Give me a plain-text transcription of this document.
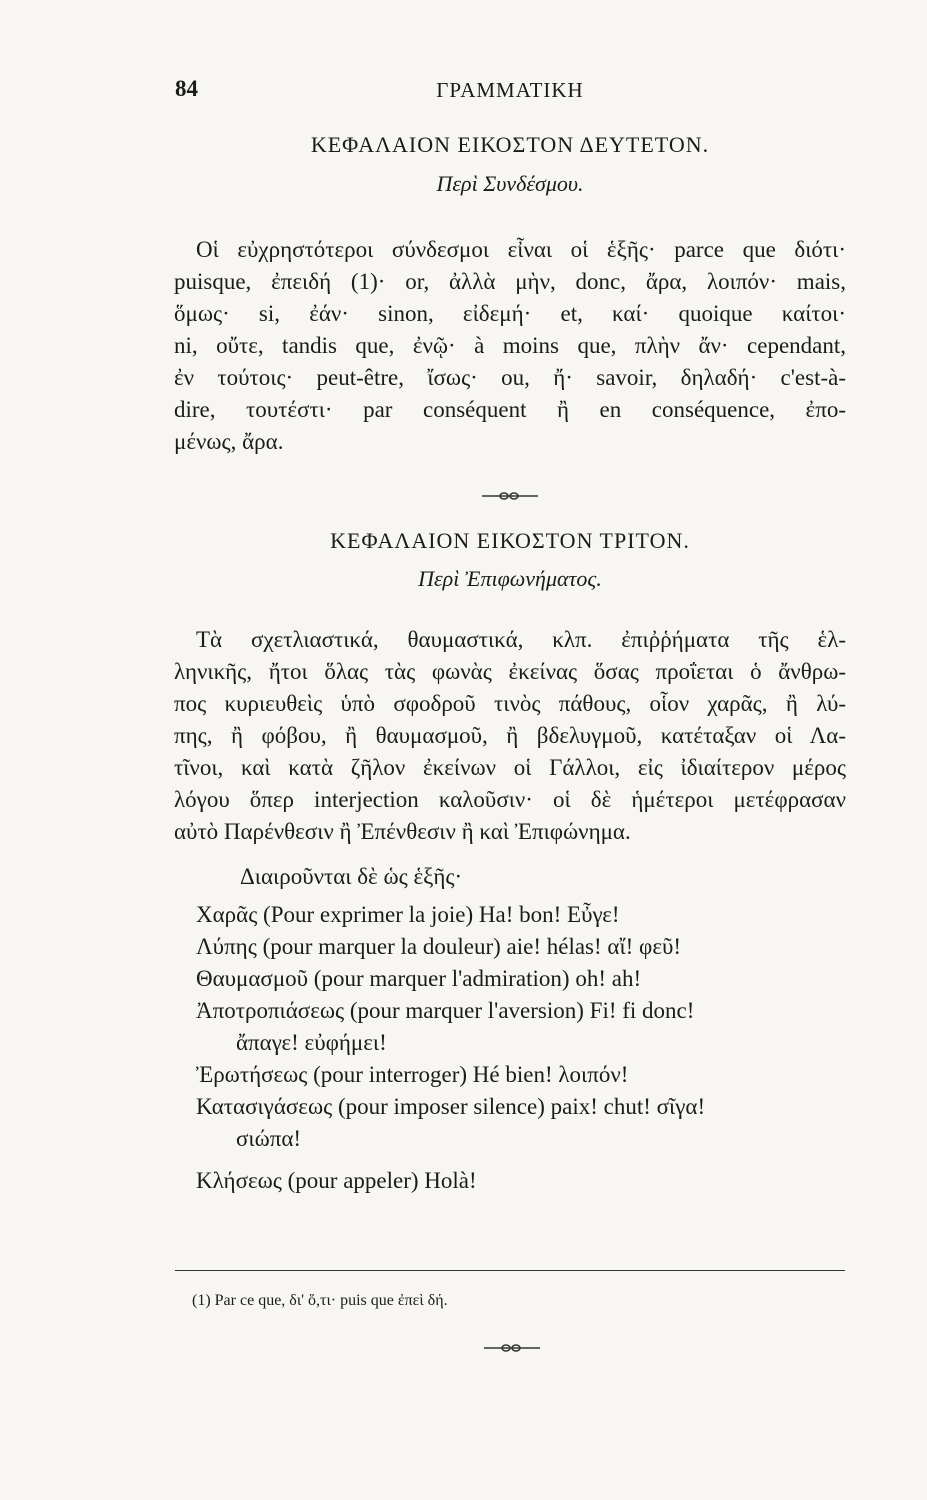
84	ΓΡΑΜΜΑΤΙΚΗ
ΚΕΦΑΛΑΙΟΝ ΕΙΚΟΣΤΟΝ ΔΕΥΤΕΤΟΝ.
Περὶ Συνδέσμου.
Οἱ εὐχρηστότεροι σύνδεσμοι εἶναι οἱ ἑξῆς· parce que διότι·
puisque, ἐπειδή (1)· or, ἀλλὰ μὴν, donc, ἄρα, λοιπόν· mais,
ὅμως· si, ἐάν· sinon, εἰδεμή· et, καί· quoique καίτοι·
ni, οὔτε, tandis que, ἐνῷ· à moins que, πλὴν ἄν· cependant,
ἐν τούτοις· peut-être, ἴσως· ou, ἤ· savoir, δηλαδή· c'est-à-
dire, τουτέστι· par conséquent ἢ en conséquence, ἐπο-
μένως, ἄρα.
ΚΕΦΑΛΑΙΟΝ ΕΙΚΟΣΤΟΝ ΤΡΙΤΟΝ.
Περὶ Ἐπιφωνήματος.
Τὰ σχετλιαστικά, θαυμαστικά, κλπ. ἐπιῤῥήματα τῆς ἑλ-
ληνικῆς, ἤτοι ὅλας τὰς φωνὰς ἐκείνας ὅσας προΐεται ὁ ἄνθρω-
πος κυριευθεὶς ὑπὸ σφοδροῦ τινὸς πάθους, οἷον χαρᾶς, ἢ λύ-
πης, ἢ φόβου, ἢ θαυμασμοῦ, ἢ βδελυγμοῦ, κατέταξαν οἱ Λα-
τῖνοι, καὶ κατὰ ζῆλον ἐκείνων οἱ Γάλλοι, εἰς ἰδιαίτερον μέρος
λόγου ὅπερ interjection καλοῦσιν· οἱ δὲ ἡμέτεροι μετέφρασαν
αὐτὸ Παρένθεσιν ἢ Ἐπένθεσιν ἢ καὶ Ἐπιφώνημα.
Διαιροῦνται δὲ ὡς ἑξῆς·
Χαρᾶς (Pour exprimer la joie) Ha! bon! Εὖγε!
Λύπης (pour marquer la douleur) aie! hélas! αἴ! φεῦ!
Θαυμασμοῦ (pour marquer l'admiration) oh! ah!
Ἀποτροπιάσεως (pour marquer l'aversion) Fi! fi donc!
ἄπαγε! εὐφήμει!
Ἐρωτήσεως (pour interroger) Hé bien! λοιπόν!
Κατασιγάσεως (pour imposer silence) paix! chut! σῖγα!
σιώπα!
Κλήσεως (pour appeler) Holà!
(1) Par ce que, δι' ὅ,τι· puis que ἐπεὶ δή.
